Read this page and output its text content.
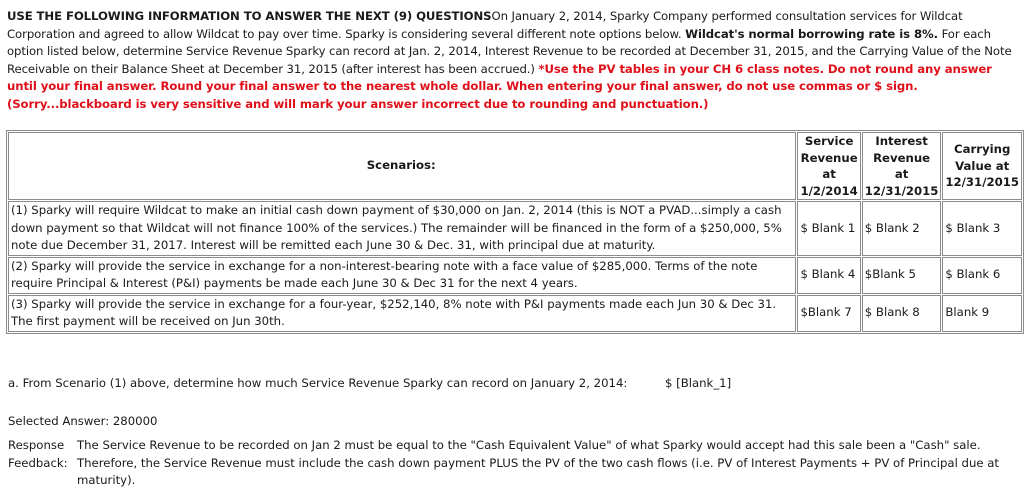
USE THE FOLLOWING INFORMATION TO ANSWER THE NEXT (9) QUESTIONSOn January 2, 2014, Sparky Company performed consultation services for Wildcat Corporation and agreed to allow Wildcat to pay over time. Sparky is considering several different note options below. Wildcat's normal borrowing rate is 8%. For each option listed below, determine Service Revenue Sparky can record at Jan. 2, 2014, Interest Revenue to be recorded at December 31, 2015, and the Carrying Value of the Note Receivable on their Balance Sheet at December 31, 2015 (after interest has been accrued.) *Use the PV tables in your CH 6 class notes. Do not round any answer until your final answer. Round your final answer to the nearest whole dollar. When entering your final answer, do not use commas or $ sign. (Sorry...blackboard is very sensitive and will mark your answer incorrect due to rounding and punctuation.)
Scenarios:	Service
Revenue
at
1/2/2014	Interest
Revenue
at
12/31/2015	Carrying
Value at
12/31/2015
(1) Sparky will require Wildcat to make an initial cash down payment of $30,000 on Jan. 2, 2014 (this is NOT a PVAD...simply a cash down payment so that Wildcat will not finance 100% of the services.) The remainder will be financed in the form of a $250,000, 5% note due December 31, 2017. Interest will be remitted each June 30 & Dec. 31, with principal due at maturity.	$ Blank 1	$ Blank 2	$ Blank 3
(2) Sparky will provide the service in exchange for a non-interest-bearing note with a face value of $285,000. Terms of the note require Principal & Interest (P&I) payments be made each June 30 & Dec 31 for the next 4 years.	$ Blank 4	$Blank 5	$ Blank 6
(3) Sparky will provide the service in exchange for a four-year, $252,140, 8% note with P&I payments made each Jun 30 & Dec 31. The first payment will be received on Jun 30th.	$Blank 7	$ Blank 8	Blank 9
a. From Scenario (1) above, determine how much Service Revenue Sparky can record on January 2, 2014:	$ [Blank_1]
Selected Answer: 280000
Response
Feedback:
The Service Revenue to be recorded on Jan 2 must be equal to the "Cash Equivalent Value" of what Sparky would accept had this sale been a "Cash" sale. Therefore, the Service Revenue must include the cash down payment PLUS the PV of the two cash flows (i.e. PV of Interest Payments + PV of Principal due at maturity).
